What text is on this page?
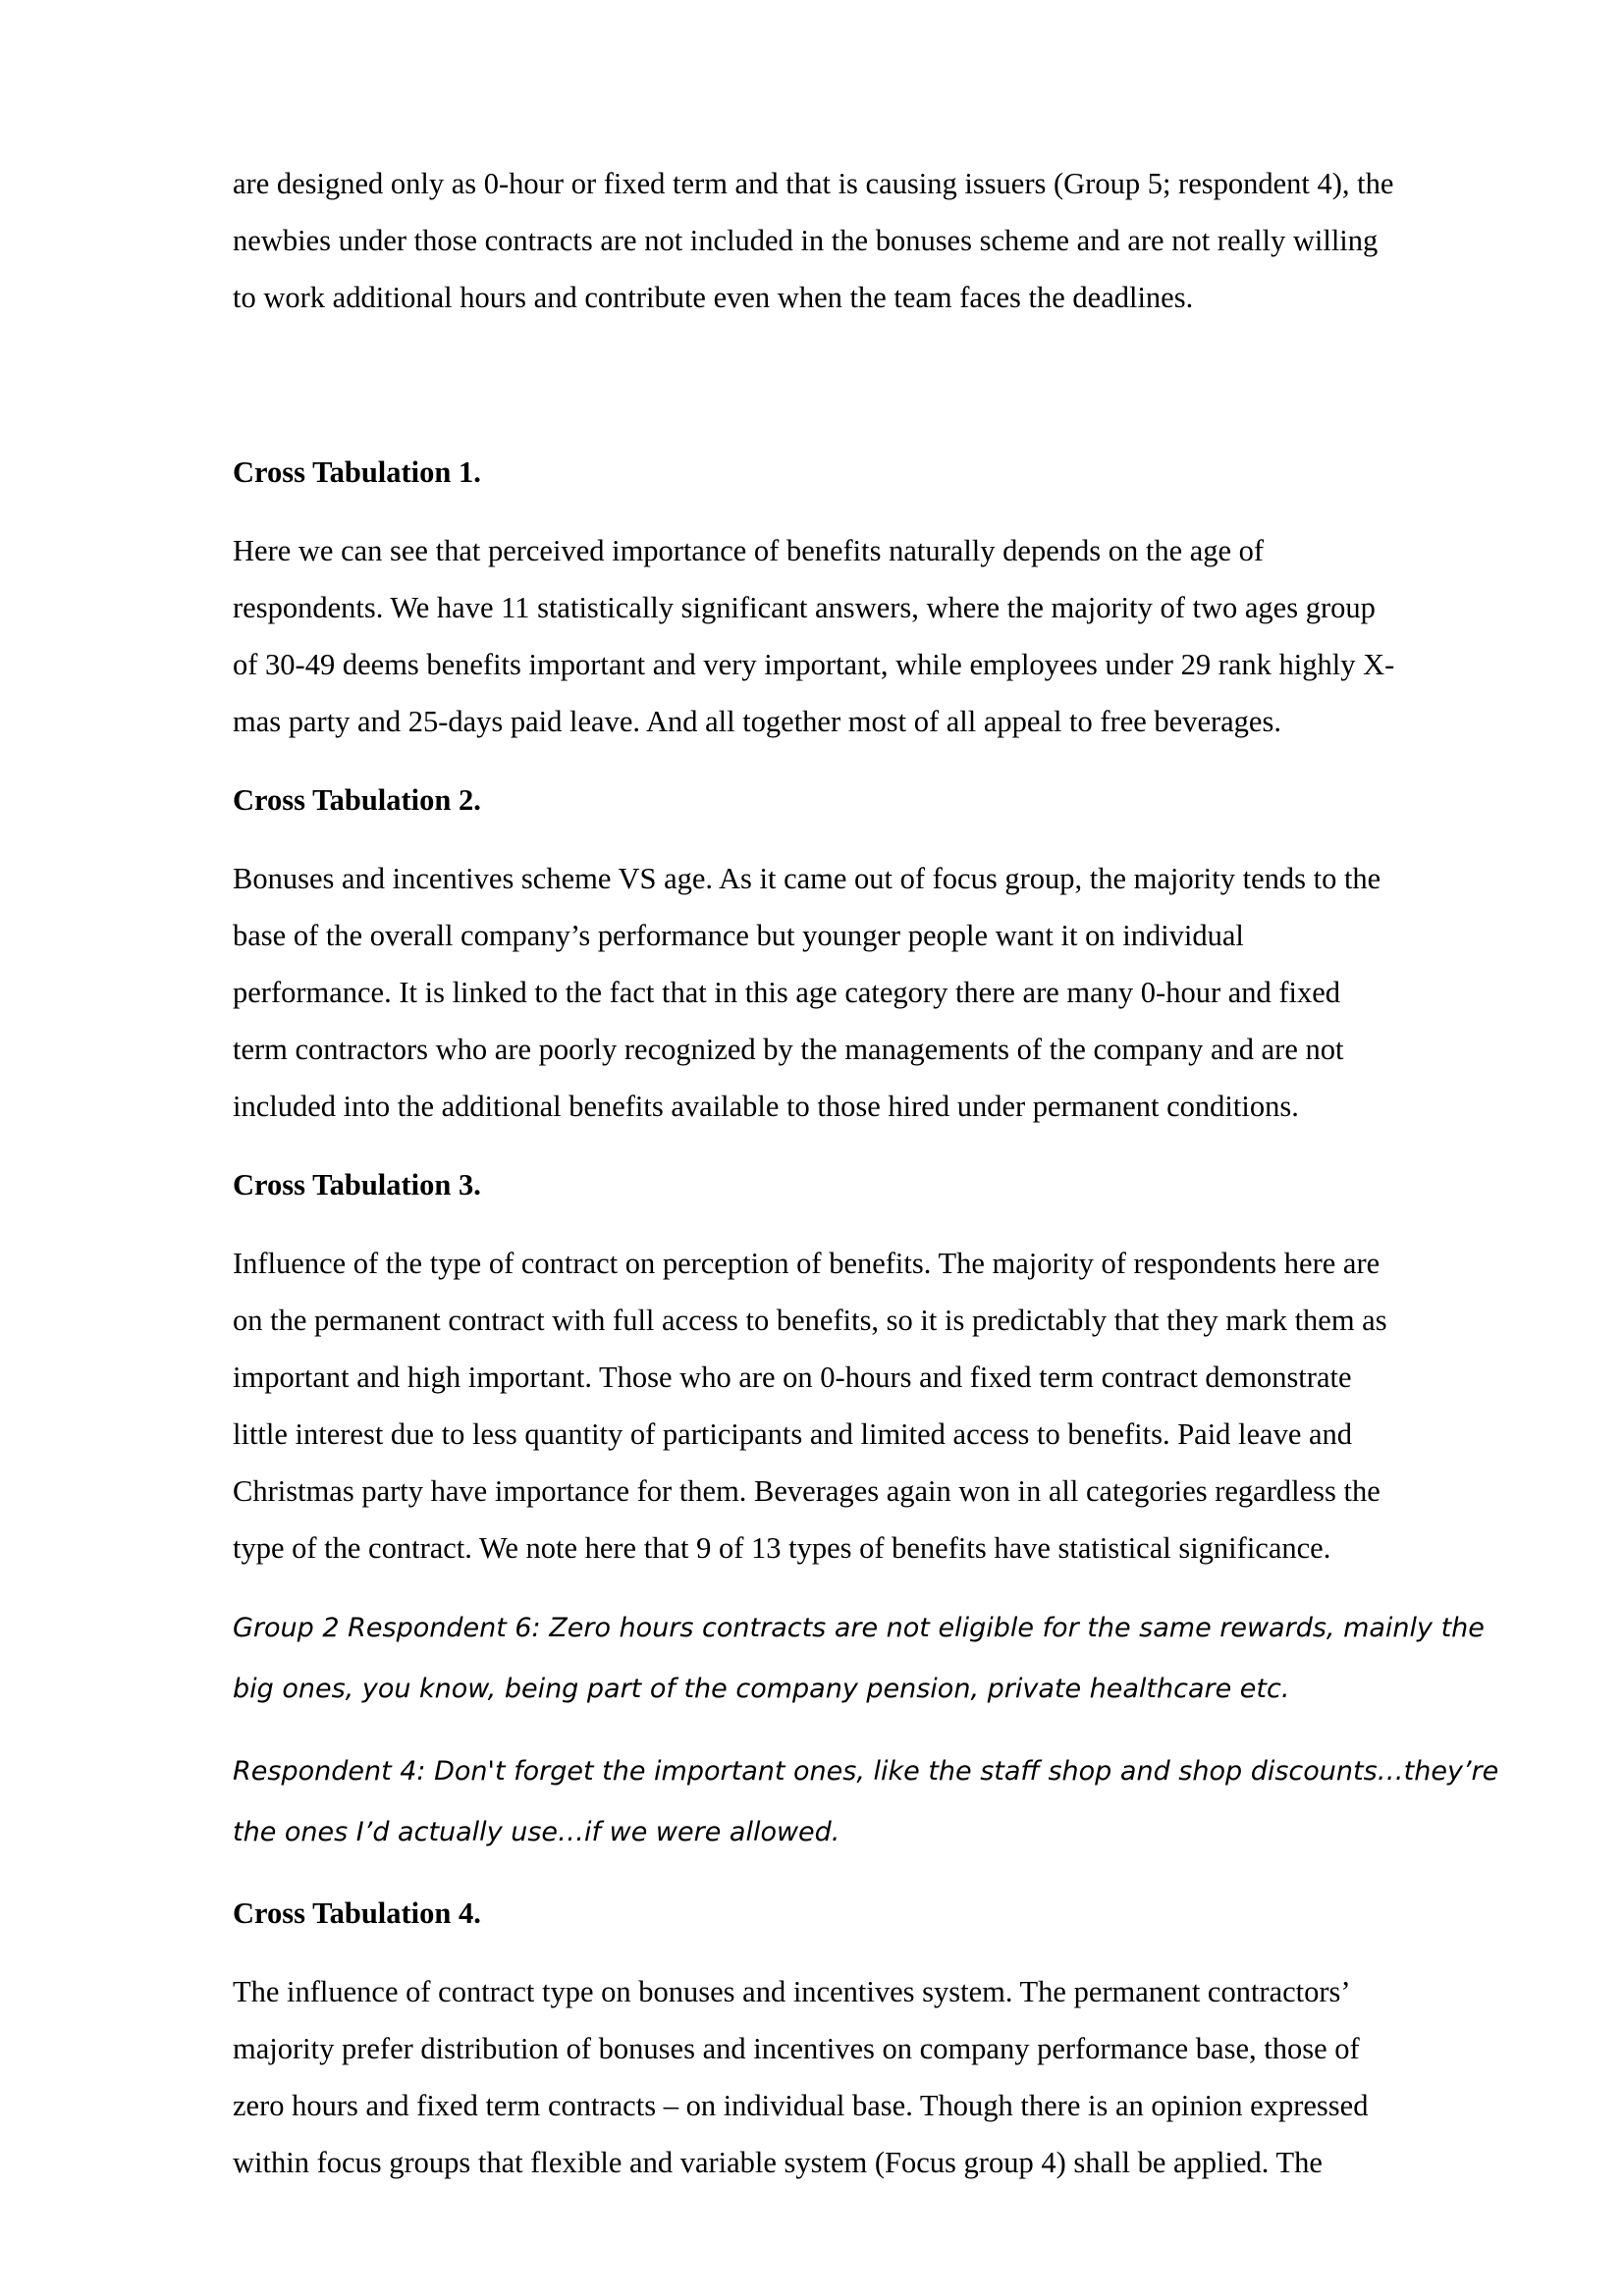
are designed only as 0-hour or fixed term and that is causing issuers (Group 5; respondent 4), the
newbies under those contracts are not included in the bonuses scheme and are not really willing
to work additional hours and contribute even when the team faces the deadlines.

Cross Tabulation 1.

Here we can see that perceived importance of benefits naturally depends on the age of
respondents. We have 11 statistically significant answers, where the majority of two ages group
of 30-49 deems benefits important and very important, while employees under 29 rank highly X-
mas party and 25-days paid leave. And all together most of all appeal to free beverages.

Cross Tabulation 2.

Bonuses and incentives scheme VS age. As it came out of focus group, the majority tends to the
base of the overall company’s performance but younger people want it on individual
performance. It is linked to the fact that in this age category there are many 0-hour and fixed
term contractors who are poorly recognized by the managements of the company and are not
included into the additional benefits available to those hired under permanent conditions.

Cross Tabulation 3.

Influence of the type of contract on perception of benefits. The majority of respondents here are
on the permanent contract with full access to benefits, so it is predictably that they mark them as
important and high important. Those who are on 0-hours and fixed term contract demonstrate
little interest due to less quantity of participants and limited access to benefits. Paid leave and
Christmas party have importance for them. Beverages again won in all categories regardless the
type of the contract. We note here that 9 of 13 types of benefits have statistical significance.

Group 2 Respondent 6: Zero hours contracts are not eligible for the same rewards, mainly the
big ones, you know, being part of the company pension, private healthcare etc.

Respondent 4: Don't forget the important ones, like the staff shop and shop discounts…they’re
the ones I’d actually use…if we were allowed.

Cross Tabulation 4.

The influence of contract type on bonuses and incentives system. The permanent contractors’
majority prefer distribution of bonuses and incentives on company performance base, those of
zero hours and fixed term contracts – on individual base. Though there is an opinion expressed
within focus groups that flexible and variable system (Focus group 4) shall be applied. The
